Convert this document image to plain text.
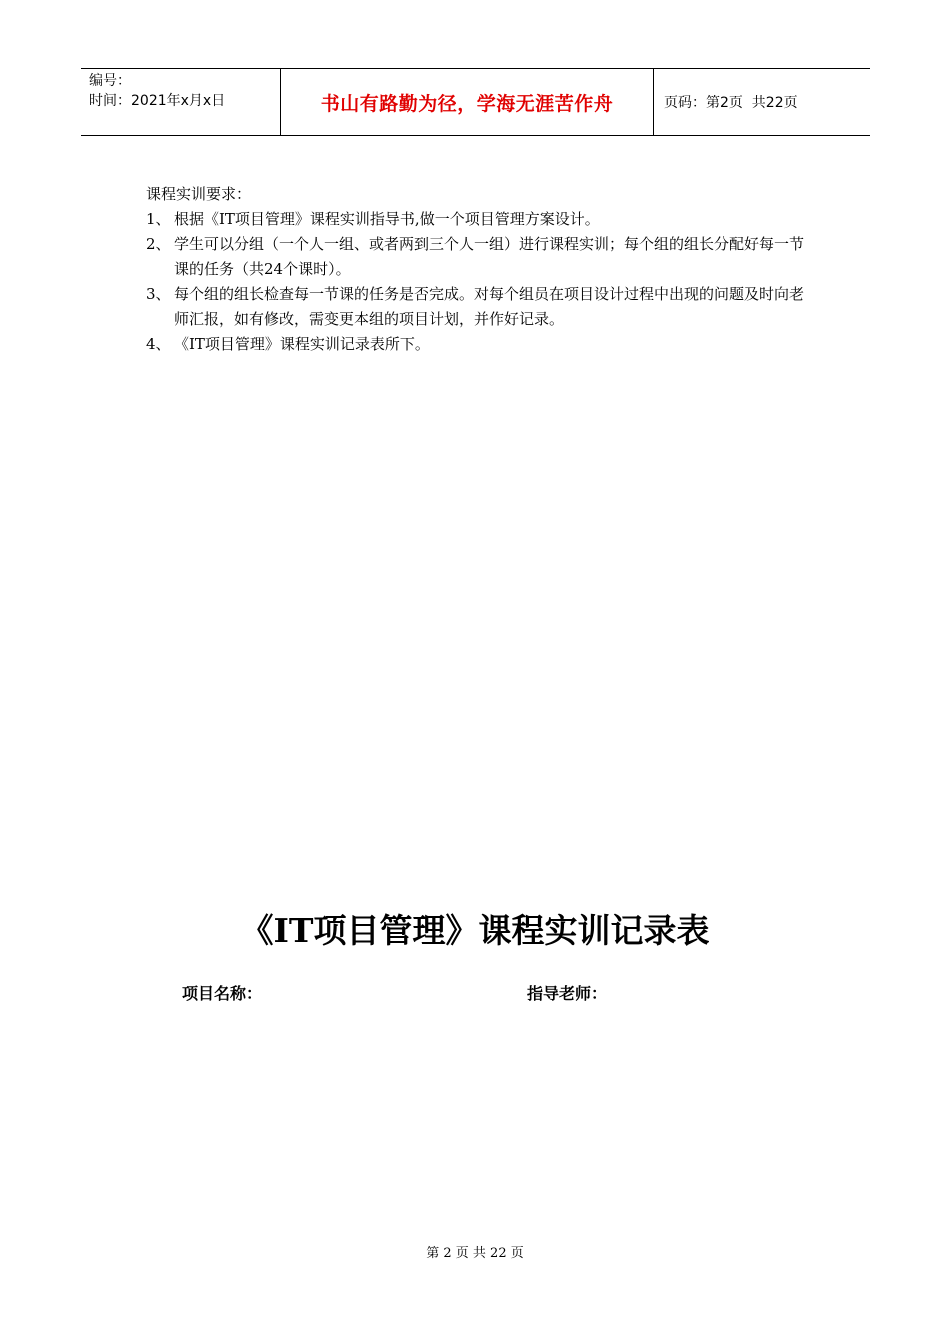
编号：
时间：2021年x月x日	书山有路勤为径，学海无涯苦作舟	页码：第2页  共22页

课程实训要求：

1、 根据《IT项目管理》课程实训指导书,做一个项目管理方案设计。
2、 学生可以分组（一个人一组、或者两到三个人一组）进行课程实训；每个组的组长分配好每一节课的任务（共24个课时）。
3、 每个组的组长检查每一节课的任务是否完成。对每个组员在项目设计过程中出现的问题及时向老师汇报，如有修改，需变更本组的项目计划，并作好记录。
4、 《IT项目管理》课程实训记录表所下。
《IT项目管理》课程实训记录表
项目名称：	指导老师：
第 2 页 共 22 页
